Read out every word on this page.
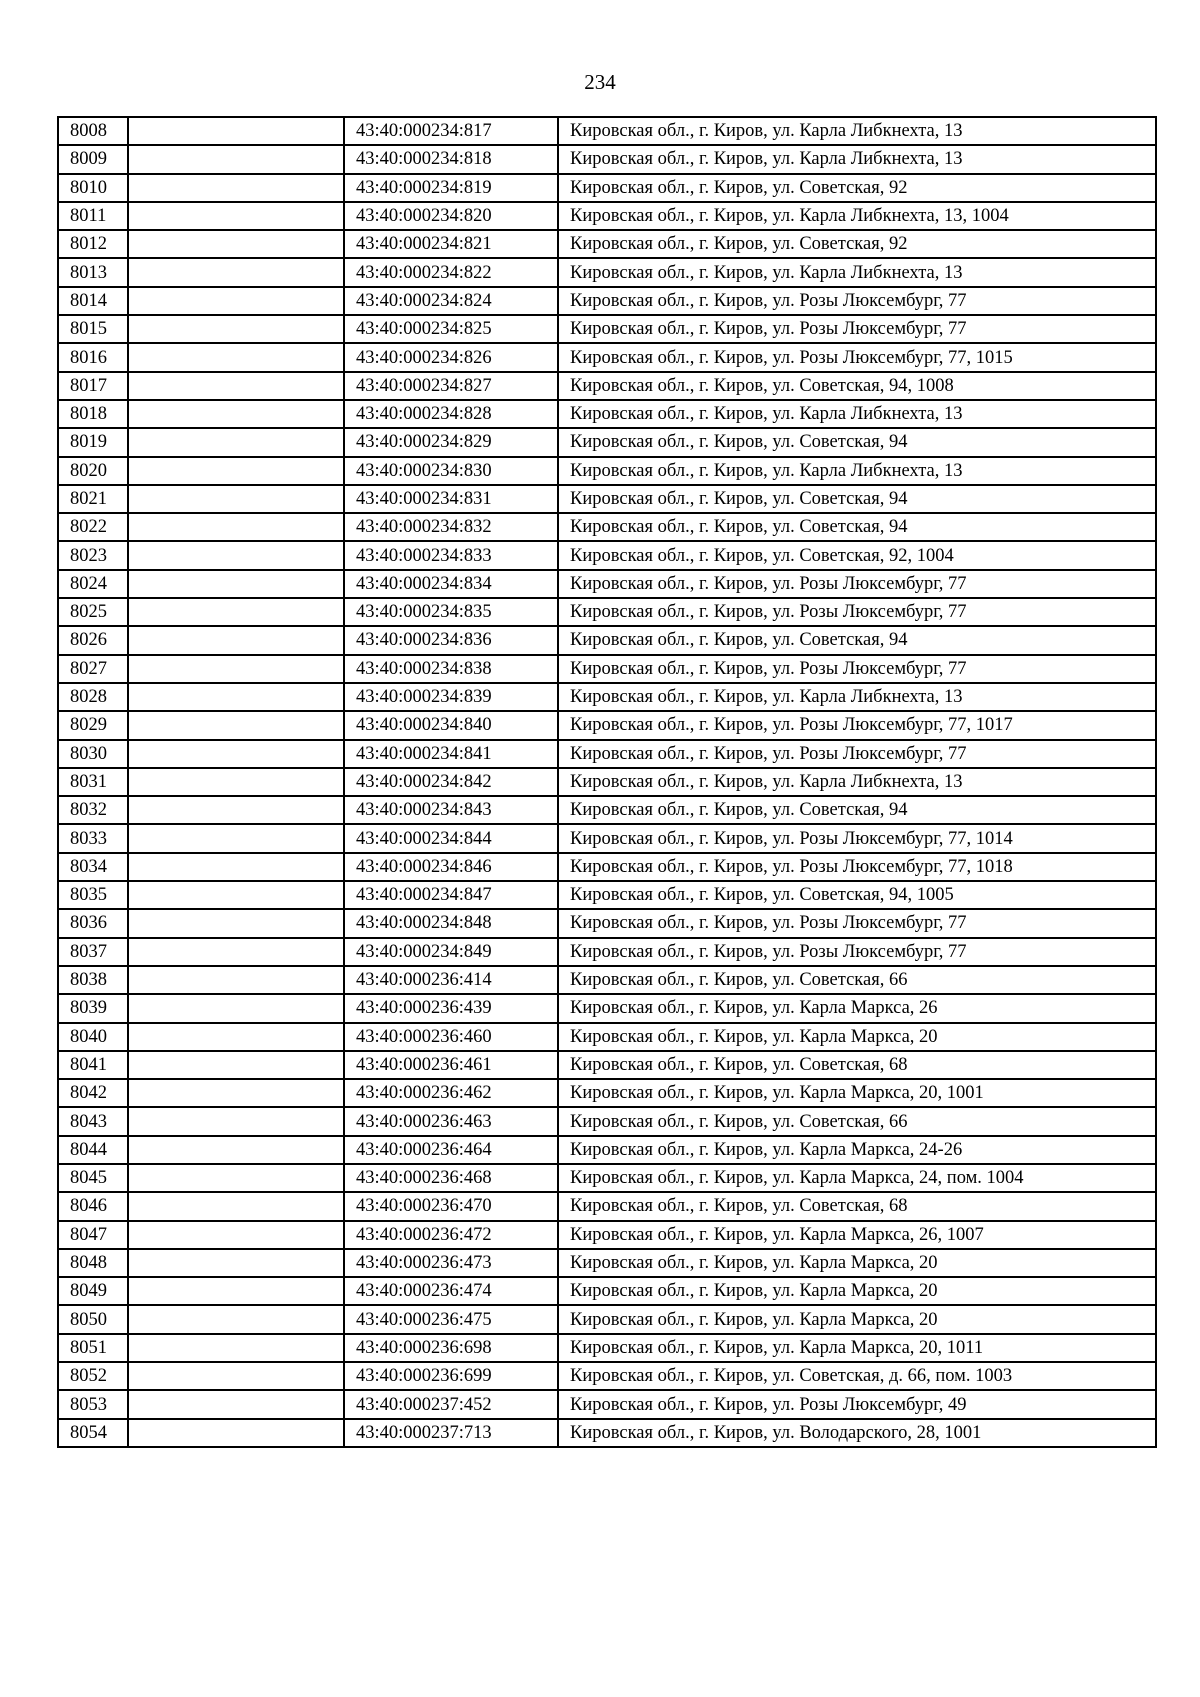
234
8008		43:40:000234:817	Кировская обл., г. Киров, ул. Карла Либкнехта, 13
8009		43:40:000234:818	Кировская обл., г. Киров, ул. Карла Либкнехта, 13
8010		43:40:000234:819	Кировская обл., г. Киров, ул. Советская, 92
8011		43:40:000234:820	Кировская обл., г. Киров, ул. Карла Либкнехта, 13, 1004
8012		43:40:000234:821	Кировская обл., г. Киров, ул. Советская, 92
8013		43:40:000234:822	Кировская обл., г. Киров, ул. Карла Либкнехта, 13
8014		43:40:000234:824	Кировская обл., г. Киров, ул. Розы Люксембург, 77
8015		43:40:000234:825	Кировская обл., г. Киров, ул. Розы Люксембург, 77
8016		43:40:000234:826	Кировская обл., г. Киров, ул. Розы Люксембург, 77, 1015
8017		43:40:000234:827	Кировская обл., г. Киров, ул. Советская, 94, 1008
8018		43:40:000234:828	Кировская обл., г. Киров, ул. Карла Либкнехта, 13
8019		43:40:000234:829	Кировская обл., г. Киров, ул. Советская, 94
8020		43:40:000234:830	Кировская обл., г. Киров, ул. Карла Либкнехта, 13
8021		43:40:000234:831	Кировская обл., г. Киров, ул. Советская, 94
8022		43:40:000234:832	Кировская обл., г. Киров, ул. Советская, 94
8023		43:40:000234:833	Кировская обл., г. Киров, ул. Советская, 92, 1004
8024		43:40:000234:834	Кировская обл., г. Киров, ул. Розы Люксембург, 77
8025		43:40:000234:835	Кировская обл., г. Киров, ул. Розы Люксембург, 77
8026		43:40:000234:836	Кировская обл., г. Киров, ул. Советская, 94
8027		43:40:000234:838	Кировская обл., г. Киров, ул. Розы Люксембург, 77
8028		43:40:000234:839	Кировская обл., г. Киров, ул. Карла Либкнехта, 13
8029		43:40:000234:840	Кировская обл., г. Киров, ул. Розы Люксембург, 77, 1017
8030		43:40:000234:841	Кировская обл., г. Киров, ул. Розы Люксембург, 77
8031		43:40:000234:842	Кировская обл., г. Киров, ул. Карла Либкнехта, 13
8032		43:40:000234:843	Кировская обл., г. Киров, ул. Советская, 94
8033		43:40:000234:844	Кировская обл., г. Киров, ул. Розы Люксембург, 77, 1014
8034		43:40:000234:846	Кировская обл., г. Киров, ул. Розы Люксембург, 77, 1018
8035		43:40:000234:847	Кировская обл., г. Киров, ул. Советская, 94, 1005
8036		43:40:000234:848	Кировская обл., г. Киров, ул. Розы Люксембург, 77
8037		43:40:000234:849	Кировская обл., г. Киров, ул. Розы Люксембург, 77
8038		43:40:000236:414	Кировская обл., г. Киров, ул. Советская, 66
8039		43:40:000236:439	Кировская обл., г. Киров, ул. Карла Маркса, 26
8040		43:40:000236:460	Кировская обл., г. Киров, ул. Карла Маркса, 20
8041		43:40:000236:461	Кировская обл., г. Киров, ул. Советская, 68
8042		43:40:000236:462	Кировская обл., г. Киров, ул. Карла Маркса, 20, 1001
8043		43:40:000236:463	Кировская обл., г. Киров, ул. Советская, 66
8044		43:40:000236:464	Кировская обл., г. Киров, ул. Карла Маркса, 24-26
8045		43:40:000236:468	Кировская обл., г. Киров, ул. Карла Маркса, 24, пом. 1004
8046		43:40:000236:470	Кировская обл., г. Киров, ул. Советская, 68
8047		43:40:000236:472	Кировская обл., г. Киров, ул. Карла Маркса, 26, 1007
8048		43:40:000236:473	Кировская обл., г. Киров, ул. Карла Маркса, 20
8049		43:40:000236:474	Кировская обл., г. Киров, ул. Карла Маркса, 20
8050		43:40:000236:475	Кировская обл., г. Киров, ул. Карла Маркса, 20
8051		43:40:000236:698	Кировская обл., г. Киров, ул. Карла Маркса, 20, 1011
8052		43:40:000236:699	Кировская обл., г. Киров, ул. Советская, д. 66, пом. 1003
8053		43:40:000237:452	Кировская обл., г. Киров, ул. Розы Люксембург, 49
8054		43:40:000237:713	Кировская обл., г. Киров, ул. Володарского, 28, 1001
